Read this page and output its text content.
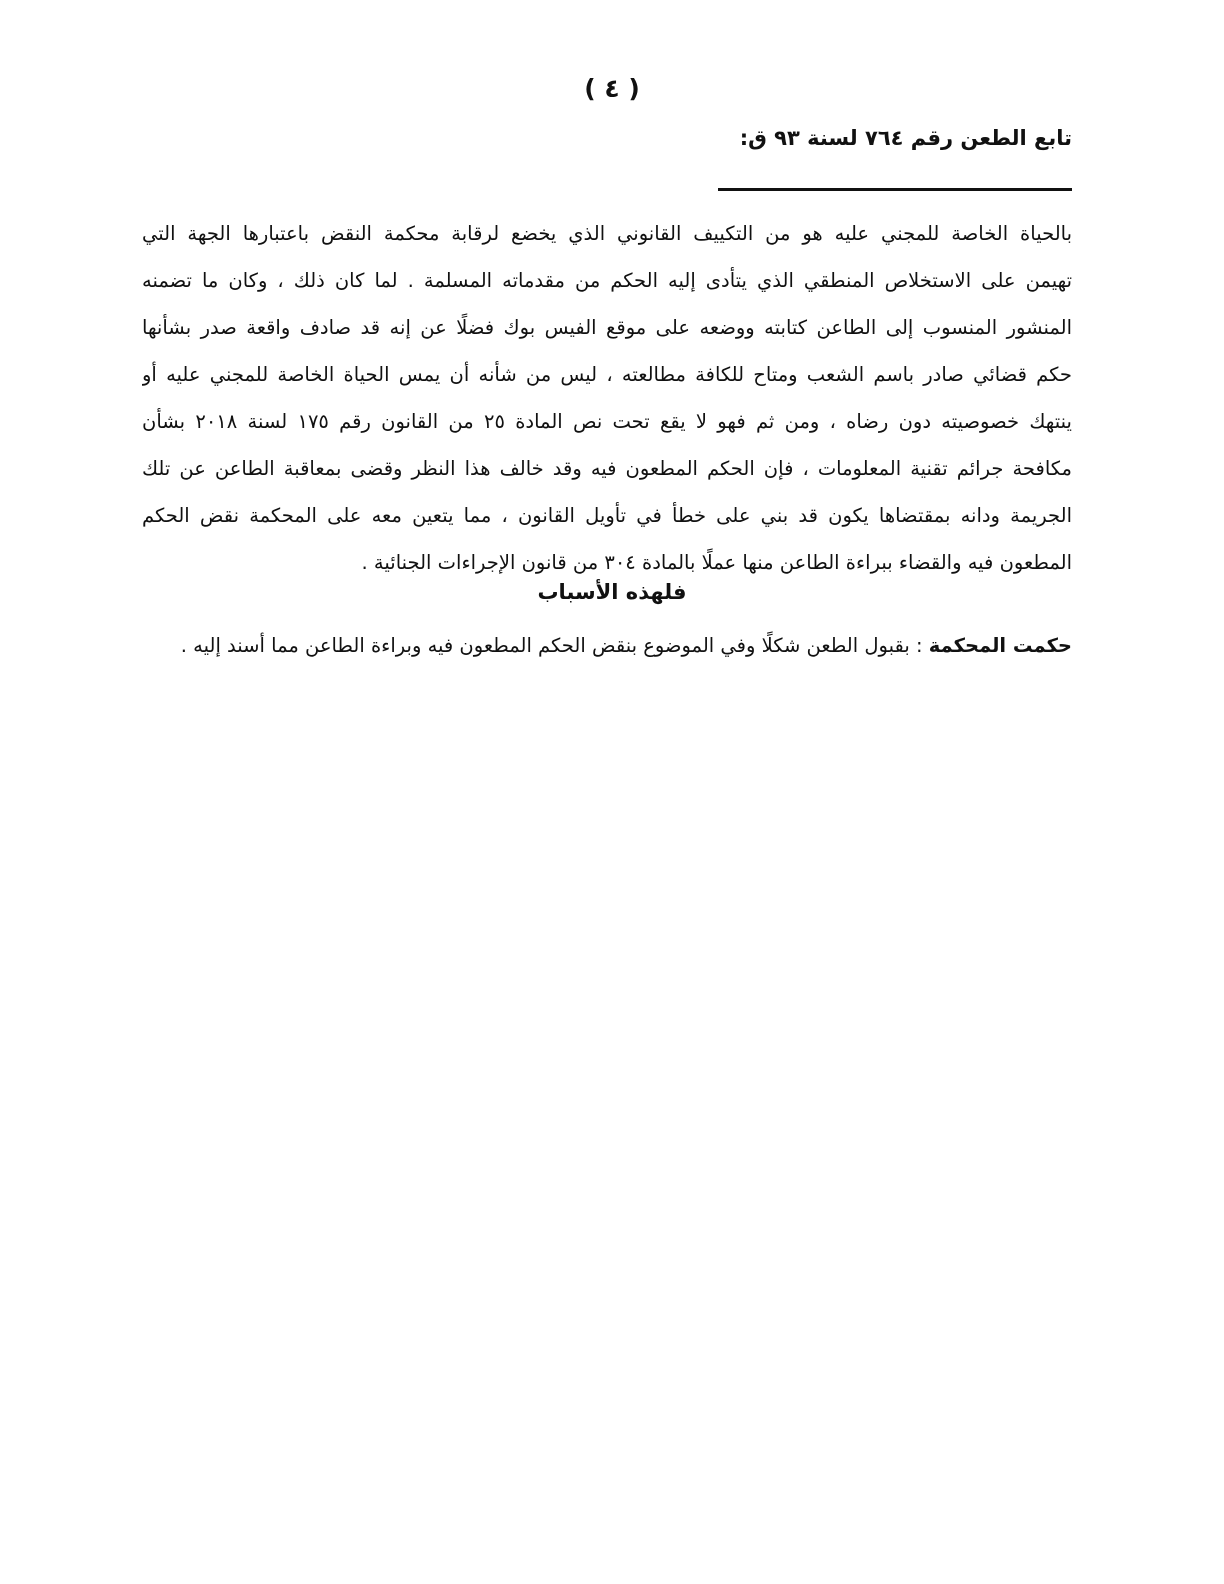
( ٤ )
تابع الطعن رقم ٧٦٤ لسنة ٩٣ ق:
بالحياة الخاصة للمجني عليه هو من التكييف القانوني الذي يخضع لرقابة محكمة النقض باعتبارها الجهة التي
تهيمن على الاستخلاص المنطقي الذي يتأدى إليه الحكم من مقدماته المسلمة . لما كان ذلك ، وكان ما تضمنه
المنشور المنسوب إلى الطاعن كتابته ووضعه على موقع الفيس بوك فضلًا عن إنه قد صادف واقعة صدر بشأنها
حكم قضائي صادر باسم الشعب ومتاح للكافة مطالعته ، ليس من شأنه أن يمس الحياة الخاصة للمجني عليه أو
ينتهك خصوصيته دون رضاه ، ومن ثم فهو لا يقع تحت نص المادة ٢٥ من القانون رقم ١٧٥ لسنة ٢٠١٨ بشأن
مكافحة جرائم تقنية المعلومات ، فإن الحكم المطعون فيه وقد خالف هذا النظر وقضى بمعاقبة الطاعن عن تلك
الجريمة ودانه بمقتضاها يكون قد بني على خطأ في تأويل القانون ، مما يتعين معه على المحكمة نقض الحكم
المطعون فيه والقضاء ببراءة الطاعن منها عملًا بالمادة ٣٠٤ من قانون الإجراءات الجنائية .
فلهذه الأسباب
حكمت المحكمة : بقبول الطعن شكلًا وفي الموضوع بنقض الحكم المطعون فيه وبراءة الطاعن مما أسند إليه .
